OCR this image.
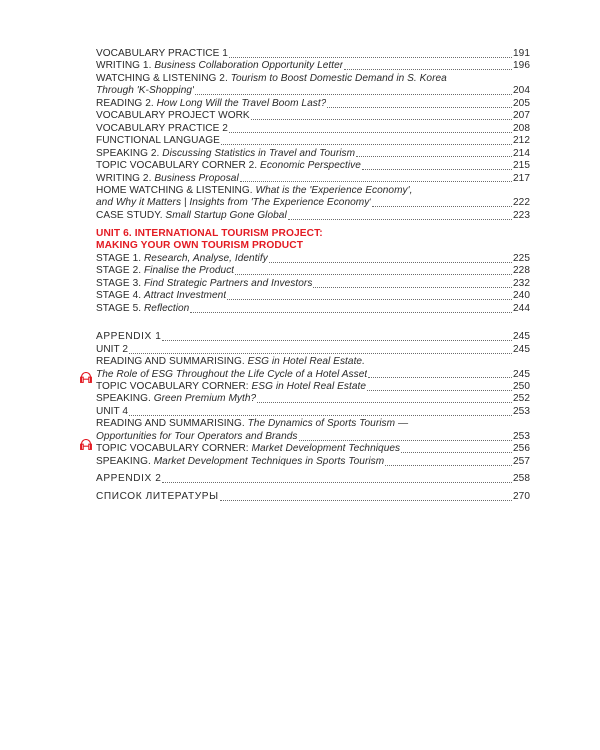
VOCABULARY PRACTICE 1	191
WRITING 1. Business Collaboration Opportunity Letter	196
WATCHING & LISTENING 2. Tourism to Boost Domestic Demand in S. Korea
Through 'K-Shopping'	204
READING 2. How Long Will the Travel Boom Last?	205
VOCABULARY PROJECT WORK	207
VOCABULARY PRACTICE 2	208
FUNCTIONAL LANGUAGE	212
SPEAKING 2. Discussing Statistics in Travel and Tourism	214
TOPIC VOCABULARY CORNER 2. Economic Perspective	215
WRITING 2. Business Proposal	217
HOME WATCHING & LISTENING. What is the 'Experience Economy',
and Why it Matters | Insights from 'The Experience Economy'	222
CASE STUDY. Small Startup Gone Global	223
UNIT 6. INTERNATIONAL TOURISM PROJECT:
MAKING YOUR OWN TOURISM PRODUCT
STAGE 1. Research, Analyse, Identify	225
STAGE 2. Finalise the Product	228
STAGE 3. Find Strategic Partners and Investors	232
STAGE 4. Attract Investment	240
STAGE 5. Reflection	244
APPENDIX 1	245
UNIT 2	245
READING AND SUMMARISING. ESG in Hotel Real Estate.
The Role of ESG Throughout the Life Cycle of a Hotel Asset	245
TOPIC VOCABULARY CORNER: ESG in Hotel Real Estate	250
SPEAKING. Green Premium Myth?	252
UNIT 4	253
READING AND SUMMARISING. The Dynamics of Sports Tourism —
Opportunities for Tour Operators and Brands	253
TOPIC VOCABULARY CORNER: Market Development Techniques	256
SPEAKING. Market Development Techniques in Sports Tourism	257
APPENDIX 2	258
СПИСОК ЛИТЕРАТУРЫ	270
